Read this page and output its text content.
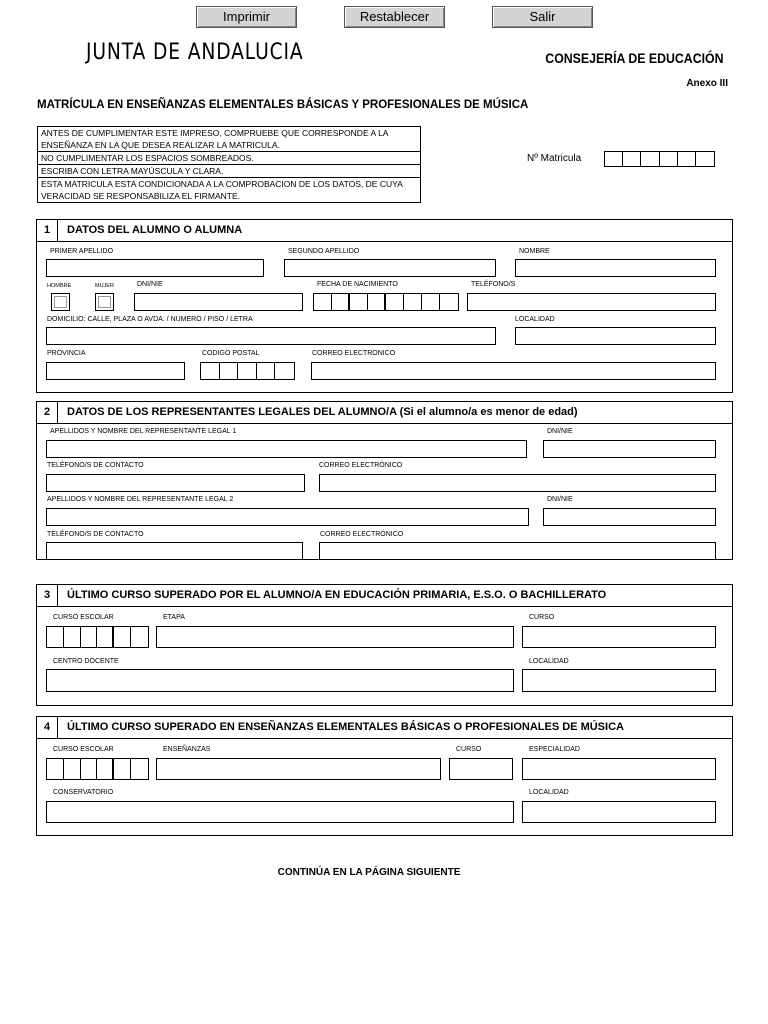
Imprimir	Restablecer	Salir
JUNTA DE ANDALUCIA	CONSEJERÍA DE EDUCACIÓN
Anexo III
MATRÍCULA EN ENSEÑANZAS ELEMENTALES BÁSICAS Y PROFESIONALES DE MÚSICA
ANTES DE CUMPLIMENTAR ESTE IMPRESO, COMPRUEBE QUE CORRESPONDE A LA ENSEÑANZA EN LA QUE DESEA REALIZAR LA MATRICULA.
NO CUMPLIMENTAR LOS ESPACIOS SOMBREADOS.
ESCRIBA CON LETRA MAYÚSCULA Y CLARA.
ESTA MATRICULA ESTA CONDICIONADA A LA COMPROBACION DE LOS DATOS, DE CUYA VERACIDAD SE RESPONSABILIZA EL FIRMANTE.
Nº Matricula
1	DATOS DEL ALUMNO O ALUMNA
PRIMER APELLIDO	SEGUNDO APELLIDO	NOMBRE
HOMBRE	MUJER	DNI/NIE	FECHA DE NACIMIENTO	TELÉFONO/S
DOMICILIO: CALLE, PLAZA O AVDA. / NUMERO / PISO / LETRA	LOCALIDAD
PROVINCIA	CODIGO POSTAL	CORREO ELECTRONICO
2	DATOS DE LOS REPRESENTANTES LEGALES DEL ALUMNO/A (Si el alumno/a es menor de edad)
APELLIDOS Y NOMBRE DEL REPRESENTANTE LEGAL 1	DNI/NIE
TELÉFONO/S DE CONTACTO	CORREO ELECTRÓNICO
APELLIDOS Y NOMBRE DEL REPRESENTANTE LEGAL 2	DNI/NIE
TELÉFONO/S DE CONTACTO	CORREO ELECTRÓNICO
3	ÚLTIMO CURSO SUPERADO POR EL ALUMNO/A EN EDUCACIÓN PRIMARIA, E.S.O. O BACHILLERATO
CURSO ESCOLAR	ETAPA	CURSO
CENTRO DOCENTE	LOCALIDAD
4	ÚLTIMO CURSO SUPERADO EN ENSEÑANZAS ELEMENTALES BÁSICAS O PROFESIONALES DE MÚSICA
CURSO ESCOLAR	ENSEÑANZAS	CURSO	ESPECIALIDAD
CONSERVATORIO	LOCALIDAD
CONTINÚA EN LA PÁGINA SIGUIENTE
